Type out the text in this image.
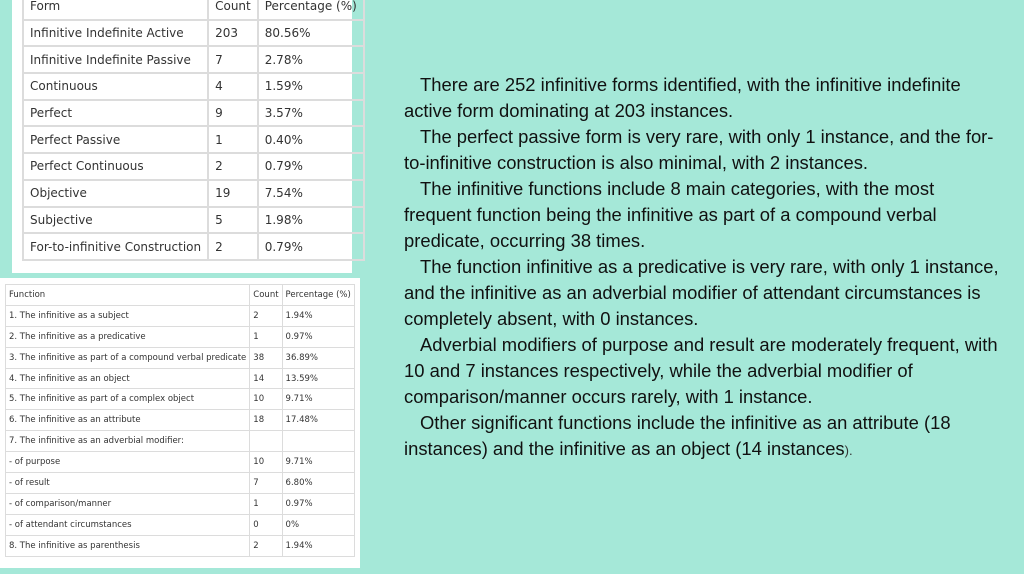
Form	Count	Percentage (%)
Infinitive Indefinite Active	203	80.56%
Infinitive Indefinite Passive	7	2.78%
Continuous	4	1.59%
Perfect	9	3.57%
Perfect Passive	1	0.40%
Perfect Continuous	2	0.79%
Objective	19	7.54%
Subjective	5	1.98%
For-to-infinitive Construction	2	0.79%
Function	Count	Percentage (%)
1. The infinitive as a subject	2	1.94%
2. The infinitive as a predicative	1	0.97%
3. The infinitive as part of a compound verbal predicate	38	36.89%
4. The infinitive as an object	14	13.59%
5. The infinitive as part of a complex object	10	9.71%
6. The infinitive as an attribute	18	17.48%
7. The infinitive as an adverbial modifier:		
- of purpose	10	9.71%
- of result	7	6.80%
- of comparison/manner	1	0.97%
- of attendant circumstances	0	0%
8. The infinitive as parenthesis	2	1.94%

There are 252 infinitive forms identified, with the infinitive indefinite active form dominating at 203 instances.

The perfect passive form is very rare, with only 1 instance, and the for-to-infinitive construction is also minimal, with 2 instances.

The infinitive functions include 8 main categories, with the most frequent function being the infinitive as part of a compound verbal predicate, occurring 38 times.

The function infinitive as a predicative is very rare, with only 1 instance, and the infinitive as an adverbial modifier of attendant circumstances is completely absent, with 0 instances.

Adverbial modifiers of purpose and result are moderately frequent, with 10 and 7 instances respectively, while the adverbial modifier of comparison/manner occurs rarely, with 1 instance.

Other significant functions include the infinitive as an attribute (18 instances) and the infinitive as an object (14 instances).
